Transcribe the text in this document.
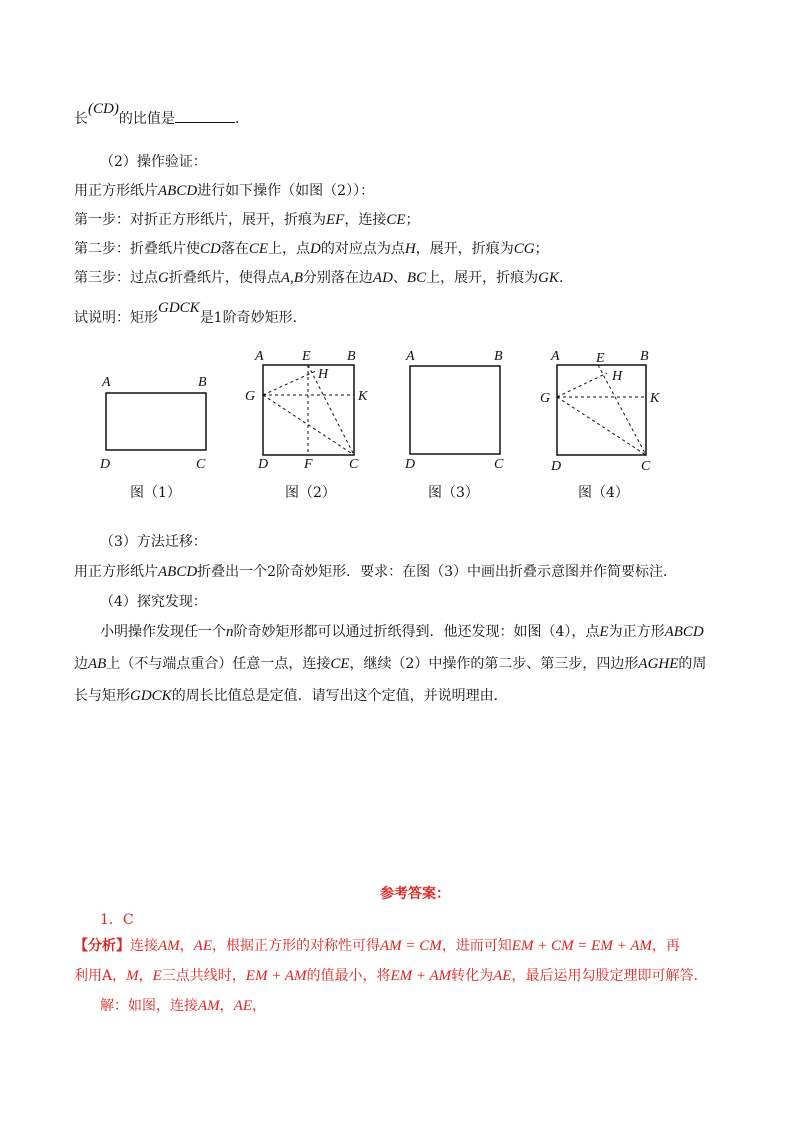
长(CD)的比值是	.
（2）操作验证：
用正方形纸片ABCD进行如下操作（如图（2））：
第一步：对折正方形纸片，展开，折痕为EF，连接CE；
第二步：折叠纸片使CD落在CE上，点D的对应点为点H，展开，折痕为CG；
第三步：过点G折叠纸片，使得点A,B分别落在边AD、BC上，展开，折痕为GK.
试说明：矩形GDCK是1阶奇妙矩形.
A	B
D	C
A	E	B
H
G	K
D	F	C
A	B
D	C
A	E	B
H
G	K
D	C
图（1）	图（2）	图（3）	图（4）
（3）方法迁移：
用正方形纸片ABCD折叠出一个2阶奇妙矩形．要求：在图（3）中画出折叠示意图并作简要标注．
（4）探究发现：
小明操作发现任一个n阶奇妙矩形都可以通过折纸得到．他还发现：如图（4），点E为正方形ABCD
边AB上（不与端点重合）任意一点，连接CE，继续（2）中操作的第二步、第三步，四边形AGHE的周
长与矩形GDCK的周长比值总是定值．请写出这个定值，并说明理由．
参考答案：
1．C
【分析】连接AM，AE，根据正方形的对称性可得AM = CM，进而可知EM + CM = EM + AM，再
利用A，M，E三点共线时，EM + AM的值最小，将EM + AM转化为AE，最后运用勾股定理即可解答.
解：如图，连接AM，AE，
